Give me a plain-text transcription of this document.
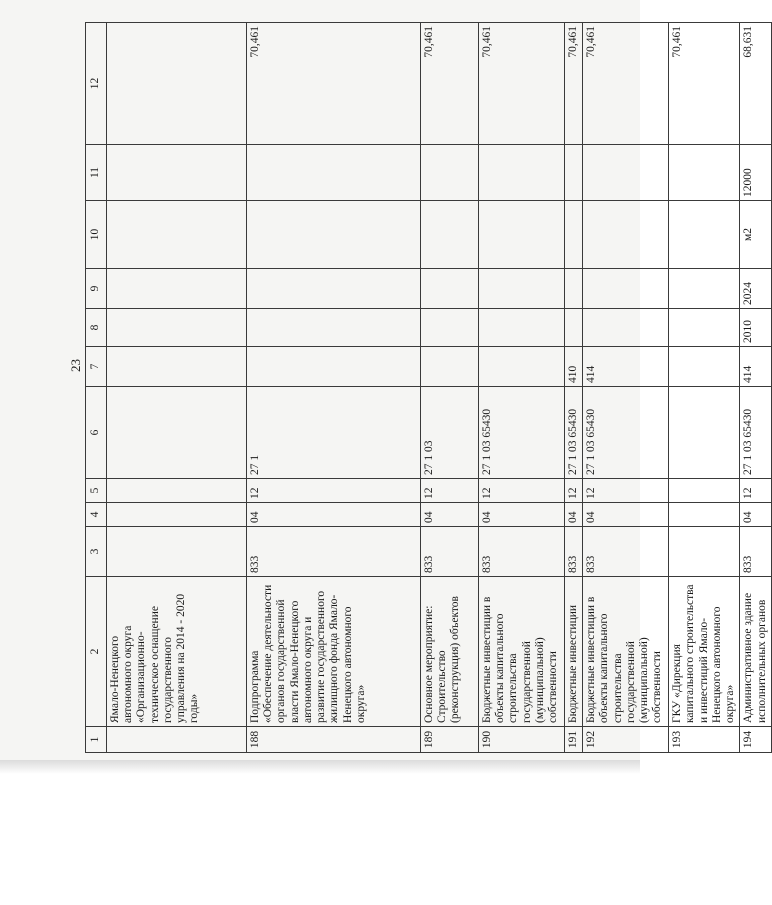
23
1	2	3	4	5	6	7	8	9	10	11	12
	Ямало-Ненецкого автономного округа «Организационно-техническое оснащение государственного управления на 2014 - 2020 годы»										
188	Подпрограмма «Обеспечение деятельности органов государственной власти Ямало-Ненецкого автономного округа и развитие государственного жилищного фонда Ямало-Ненецкого автономного округа»	833	04	12	27 1						70,461
189	Основное мероприятие: Строительство (реконструкция) объектов	833	04	12	27 1 03						70,461
190	Бюджетные инвестиции в объекты капитального строительства государственной (муниципальной) собственности	833	04	12	27 1 03 65430						70,461
191	Бюджетные инвестиции	833	04	12	27 1 03 65430	410					70,461
192	Бюджетные инвестиции в объекты капитального строительства государственной (муниципальной) собственности	833	04	12	27 1 03 65430	414					70,461
193	ГКУ «Дирекция капитального строительства и инвестиций Ямало-Ненецкого автономного округа»										70,461
194	Административное здание исполнительных органов	833	04	12	27 1 03 65430	414	2010	2024	м2	12000	68,631
